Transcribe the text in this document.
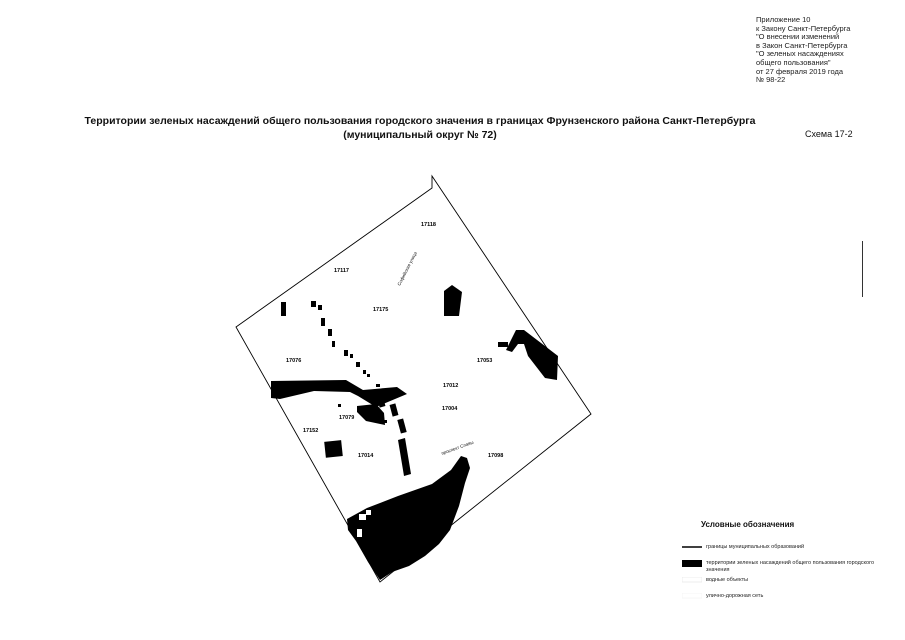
Приложение 10
к Закону Санкт-Петербурга
"О внесении изменений
в Закон Санкт-Петербурга
"О зеленых насаждениях
общего пользования"
от 27 февраля 2019 года
№ 98-22
Территории зеленых насаждений общего пользования городского значения в границах Фрунзенского района Санкт-Петербурга
(муниципальный округ № 72)	Схема 17-2
17118
17117
17175
17076	17053
17012
17004
17079
17152
17014	17098
Софийская улица
проспект Славы
Условные обозначения
границы муниципальных образований
территории зеленых насаждений общего пользования городского значения
водные объекты
улично-дорожная сеть
